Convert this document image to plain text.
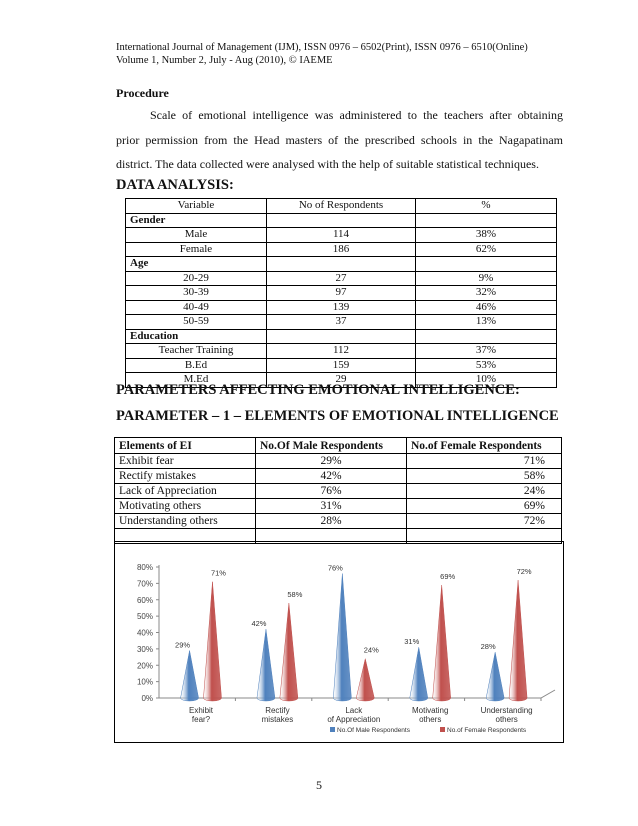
International Journal of Management (IJM), ISSN 0976 – 6502(Print), ISSN 0976 – 6510(Online)
Volume 1, Number 2, July - Aug (2010), © IAEME
Procedure
Scale of emotional intelligence was administered to the teachers after obtaining
prior permission from the Head masters of the prescribed schools in the Nagapatinam
district. The data collected were analysed with the help of suitable statistical techniques.
DATA ANALYSIS:
Variable	No of Respondents	%
Gender		
Male	114	38%
Female	186	62%
Age		
20-29	27	9%
30-39	97	32%
40-49	139	46%
50-59	37	13%
Education		
Teacher Training	112	37%
B.Ed	159	53%
M.Ed	29	10%
PARAMETERS AFFECTING EMOTIONAL INTELLIGENCE:
PARAMETER – 1 – ELEMENTS OF EMOTIONAL INTELLIGENCE
Elements of EI	No.Of Male Respondents	No.of Female Respondents
Exhibit fear	29%	71%
Rectify mistakes	42%	58%
Lack of Appreciation	76%	24%
Motivating others	31%	69%
Understanding others	28%	72%

0%
10%
20%
30%
40%
50%
60%
70%
80%
29%
71%
Exhibit
fear?
42%
58%
Rectify
mistakes
76%
24%
Lack
of Appreciation
31%
69%
Motivating
others
28%
72%
Understanding
others
No.Of Male Respondents	No.of Female Respondents
5
